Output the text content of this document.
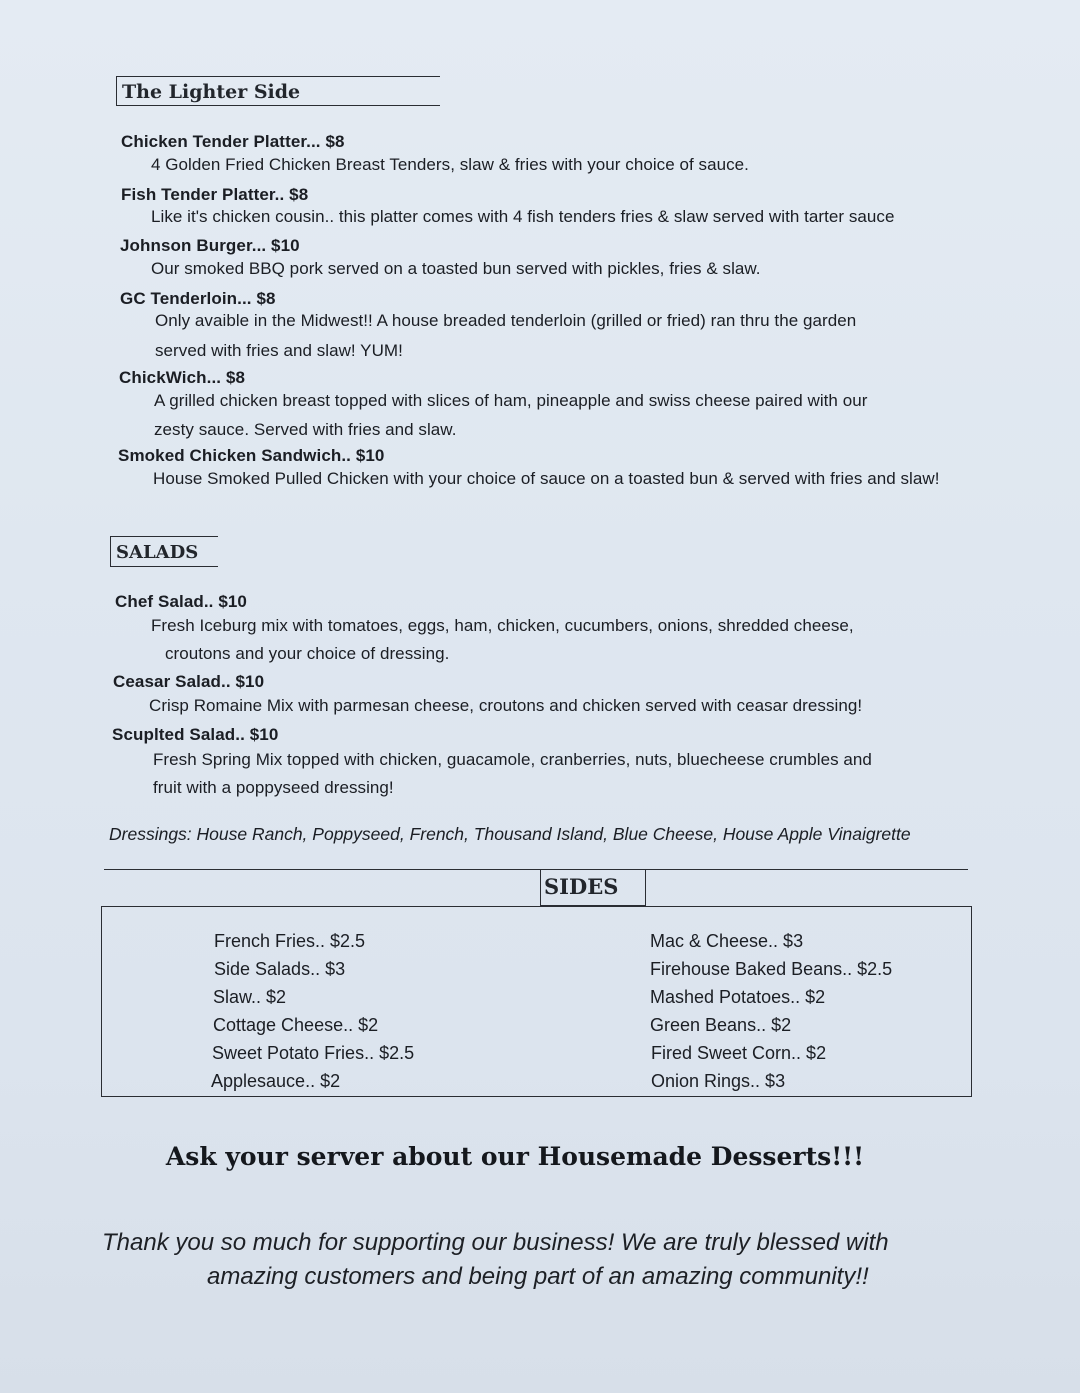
The Lighter Side
Chicken Tender Platter... $8
4 Golden Fried Chicken Breast Tenders, slaw & fries with your choice of sauce.
Fish Tender Platter.. $8
Like it's chicken cousin.. this platter comes with 4 fish tenders fries & slaw served with tarter sauce
Johnson Burger... $10
Our smoked BBQ pork served on a toasted bun served with pickles, fries & slaw.
GC Tenderloin... $8
Only avaible in the Midwest!! A house breaded tenderloin (grilled or fried) ran thru the garden
served with fries and slaw! YUM!
ChickWich... $8
A grilled chicken breast topped with slices of ham, pineapple and swiss cheese paired with our
zesty sauce. Served with fries and slaw.
Smoked Chicken Sandwich.. $10
House Smoked Pulled Chicken with your choice of sauce on a toasted bun & served with fries and slaw!
SALADS
Chef Salad.. $10
Fresh Iceburg mix with tomatoes, eggs, ham, chicken, cucumbers, onions, shredded cheese,
croutons and your choice of dressing.
Ceasar Salad.. $10
Crisp Romaine Mix with parmesan cheese, croutons and chicken served with ceasar dressing!
Scuplted Salad.. $10
Fresh Spring Mix topped with chicken, guacamole, cranberries, nuts, bluecheese crumbles and
fruit with a poppyseed dressing!
Dressings: House Ranch, Poppyseed, French, Thousand Island, Blue Cheese, House Apple Vinaigrette
SIDES
French Fries.. $2.5
Side Salads.. $3
Slaw.. $2
Cottage Cheese.. $2
Sweet Potato Fries.. $2.5
Applesauce.. $2
Mac & Cheese.. $3
Firehouse Baked Beans.. $2.5
Mashed Potatoes.. $2
Green Beans.. $2
Fired Sweet Corn.. $2
Onion Rings.. $3
Ask your server about our Housemade Desserts!!!
Thank you so much for supporting our business! We are truly blessed with
amazing customers and being part of an amazing community!!
